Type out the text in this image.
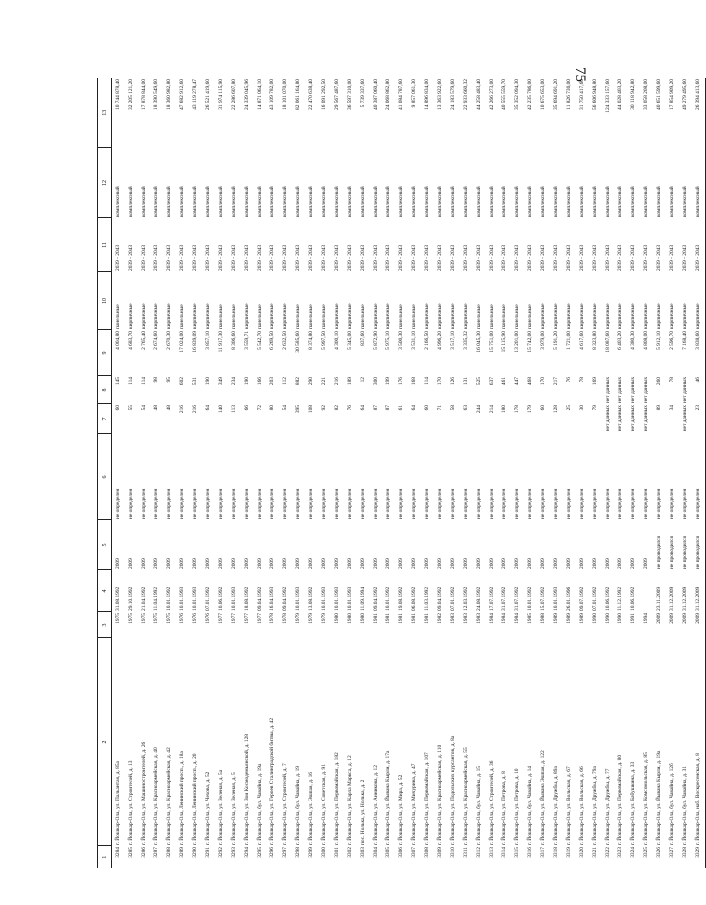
75
1	2	3	4	5	6	7	8	9	10	11	12	13
3284	г. Йошкар-Ола, ул. Пальантая, д. 85а	1975	31.08.1992	2009	не определен	60	145	4 004,80	панельные	2039 - 2043	комплексный	10 744 878,40
3285	г. Йошкар-Ола, ул. Строителей, д. 13	1975	29.10.1992	2009	не определен	55	114	4 683,70	кирпичные	2039 - 2043	комплексный	32 205 121,20
3286	г. Йошкар-Ола, ул. Машиностроителей, д. 26	1975	21.04.1992	2009	не определен	54	114	2 765,40	кирпичные	2039 - 2043	комплексный	17 878 844,00
3287	г. Йошкар-Ола, ул. Красноармейская, д. 40	1975	11.04.1992	2009	не определен	48	98	2 674,60	кирпичные	2039 - 2043	комплексный	18 390 549,60
3288	г. Йошкар-Ола, ул. Красноармейская, д. 42	1975	10.01.1992	2009	не определен	48	95	2 670,30	кирпичные	2039 - 2043	комплексный	18 360 982,80
3289	г. Йошкар-Ола, Ленинский просп., д. 18а	1976	10.01.1993	2009	не определен	216	602	17 024,00	панельные	2039 - 2043	комплексный	47 682 912,60
3290	г. Йошкар-Ола, Ленинский просп., д. 20	1976	10.01.1993	2009	не определен	216	531	16 839,09	кирпичные	2039 - 2043	комплексный	43 119 278,47
3291	г. Йошкар-Ола, ул. Чехова, д. 52	1976	07.01.1992	2009	не определен	64	190	3 857,10	кирпичные	2039 - 2043	комплексный	26 521 419,60
3292	г. Йошкар-Ола, ул. Зеленая, д. 5а	1977	10.06.1992	2009	не определен	140	349	11 917,30	панельные	2039 - 2043	комплексный	31 974 115,90
3293	г. Йошкар-Ола, ул. Зеленая, д. 5	1977	10.01.1993	2009	не определен	113	234	8 306,60	панельные	2039 - 2043	комплексный	22 286 607,80
3294	г. Йошкар-Ола, ул. Зои Космодемьянской, д. 128	1977	18.08.1992	2009	не определен	66	190	3 559,71	кирпичные	2039 - 2043	комплексный	24 339 045,96
3295	г. Йошкар-Ола, бул. Чавайна, д. 19а	1977	09.04.1992	2009	не определен	72	166	5 542,70	панельные	2039 - 2043	комплексный	14 871 064,10
3296	г. Йошкар-Ола, ул. Героев Сталинградской битвы, д. 42	1978	16.04.1993	2009	не определен	80	203	6 269,50	кирпичные	2039 - 2043	комплексный	43 109 782,00
3297	г. Йошкар-Ола, ул. Строителей, д. 7	1978	09.04.1992	2009	не определен	54	112	2 632,50	кирпичные	2039 - 2043	комплексный	18 101 070,00
3298	г. Йошкар-Ола, бул. Чавайна, д. 19	1979	10.01.1993	2009	не определен	395	882	30 585,60	панельные	2039 - 2043	комплексный	82 061 164,80
3299	г. Йошкар-Ола, ул. Эшпая, д. 16	1979	13.08.1992	2009	не определен	108	290	8 374,80	панельные	2039 - 2043	комплексный	22 470 638,40
3300	г. Йошкар-Ола, ул. Советская, д. 91	1979	10.01.1993	2009	не определен	92	221	5 997,50	панельные	2039 - 2043	комплексный	16 091 292,50
3301	г. Йошкар-Ола, ул. Первомайская, д. 182	1980	10.01.1993	2009	не определен	82	216	4 300,10	кирпичные	2039 - 2043	комплексный	29 567 487,60
3302	г. Йошкар-Ола, ул. Карла Маркса, д. 12	1980	10.01.1993	2009	не определен	76	189	5 345,00	кирпичные	2039 - 2043	комплексный	36 597 310,00
3303	пос. Нолька, ул. Нолька, д. 2	1980	11.09.1994	2009	не определен	64	12	837,60	панельные	2039 - 2043	комплексный	5 739 337,60
3304	г. Йошкар-Ола, ул. Анникова, д. 12	1981	09.04.1992	2009	не определен	87	300	5 872,90	кирпичные	2039 - 2043	комплексный	40 387 060,40
3305	г. Йошкар-Ола, ул. Йывана Кырли, д. 17а	1981	10.01.1992	2009	не определен	87	199	5 975,10	кирпичные	2039 - 2043	комплексный	24 068 862,80
3306	г. Йошкар-Ола, ул. Мира, д. 52	1981	19.08.1992	2009	не определен	61	176	3 500,30	панельные	2039 - 2043	комплексный	41 084 787,60
3307	г. Йошкар-Ола, ул. Мичурина, д. 47	1981	06.08.1992	2009	не определен	64	168	3 531,10	панельные	2039 - 2043	комплексный	9 857 061,30
3308	г. Йошкар-Ола, ул. Первомайская, д. 107	1981	11.03.1992	2009	не определен	60	114	2 166,50	кирпичные	2039 - 2043	комплексный	14 896 834,00
3309	г. Йошкар-Ола, ул. Красноармейская, д. 110	1982	09.04.1992	2009	не определен	71	170	4 996,20	кирпичные	2039 - 2043	комплексный	13 363 922,60
3310	г. Йошкар-Ола, ул. Подольских курсантов, д. 8а	1983	07.01.1992	2009	не определен	58	126	3 517,10	кирпичные	2039 - 2043	комплексный	24 183 579,60
3311	г. Йошкар-Ола, ул. Красноармейская, д. 55	1983	12.03.1992	2009	не определен	63	131	3 335,32	кирпичные	2039 - 2043	комплексный	22 933 660,32
3312	г. Йошкар-Ола, бул. Чавайна, д. 15	1983	24.08.1992	2009	не определен	244	525	16 045,30	панельные	2039 - 2043	комплексный	44 258 483,40
3313	г. Йошкар-Ола, ул. Строителей, д. 36	1984	17.07.1992	2009	не определен	214	637	15 751,00	панельные	2039 - 2043	комплексный	42 266 273,00
3314	г. Йошкар-Ола, ул. Петрова, д. 8	1984	31.07.1992	2009	не определен	180	461	15 115,90	панельные	2039 - 2043	комплексный	40 555 559,70
3315	г. Йошкар-Ола, ул. Петрова, д. 10	1984	31.07.1992	2009	не определен	178	447	13 201,00	панельные	2039 - 2043	комплексный	35 352 094,30
3316	г. Йошкар-Ола, бул. Чавайна, д. 14	1985	10.01.1992	2009	не определен	179	468	15 742,00	панельные	2039 - 2043	комплексный	42 235 786,00
3317	г. Йошкар-Ола, ул. Йывана Эшпая, д. 122	1988	15.07.1992	2009	не определен	60	170	3 979,00	кирпичные	2039 - 2043	комплексный	10 675 653,00
3318	г. Йошкар-Ола, ул. Дружбы, д. 89а	1989	10.01.1993	2009	не определен	128	217	5 191,20	кирпичные	2039 - 2043	комплексный	35 694 691,20
3319	г. Йошкар-Ола, ул. Вольская, д. 67	1989	26.01.1996	2009	не определен	25	76	1 721,00	кирпичные	2039 - 2043	комплексный	11 826 730,00
3320	г. Йошкар-Ола, ул. Вольская, д. 66	1989	09.07.1992	2009	не определен	30	78	4 617,60	кирпичные	2039 - 2043	комплексный	31 750 417,60
3321	г. Йошкар-Ола, ул. Дружбы, д. 79а	1990	07.01.1992	2009	не определен	79	169	8 323,80	кирпичные	2039 - 2043	комплексный	56 606 948,80
3322	г. Йошкар-Ола, ул. Дружбы, д. 77	1990	10.06.1992	2009	не определен	нет данных	нет данных	18 087,60	кирпичные	2039 - 2043	комплексный	124 333 157,60
3323	г. Йошкар-Ола, ул. Первомайская, д. 80	1990	11.12.1992	2009	не определен	нет данных	нет данных	6 403,20	кирпичные	2039 - 2043	комплексный	44 028 403,20
3324	г. Йошкар-Ола, ул. Бабушкина, д. 33	1991	10.06.1992	2009	не определен	нет данных	нет данных	4 380,30	кирпичные	2039 - 2043	комплексный	30 118 942,80
3325	г. Йошкар-Ола, ул. Комсомольская, д. 85	1994		2009	не определен	нет данных	нет данных	4 808,00	кирпичные	2039 - 2043	комплексный	33 058 208,00
3326	г. Йошкар-Ола, ул. Йывана Кырли, д. 19а	2009	23.11.2009	не проводился	не определен	89	260	5 912,10	кирпичные	2039 - 2043	комплексный	40 651 599,60
3327	г. Йошкар-Ола, бул. Чавайна, д. 12б	2009	31.12.2009	не проводился	не определен	34	78	2 596,70	кирпичные	2039 - 2043	комплексный	17 854 909,20
3328	г. Йошкар-Ола, бул. Чавайна, д. 31	2009	31.12.2009	не проводился	не определен	нет данных	нет данных	7 168,40	кирпичные	2039 - 2043	комплексный	49 279 495,60
3329	г. Йошкар-Ола, наб. Воскресенская, д. 8	2009	31.12.2009	не проводился	не определен	23	46	3 838,60	кирпичные	2039 - 2043	комплексный	26 394 413,60
